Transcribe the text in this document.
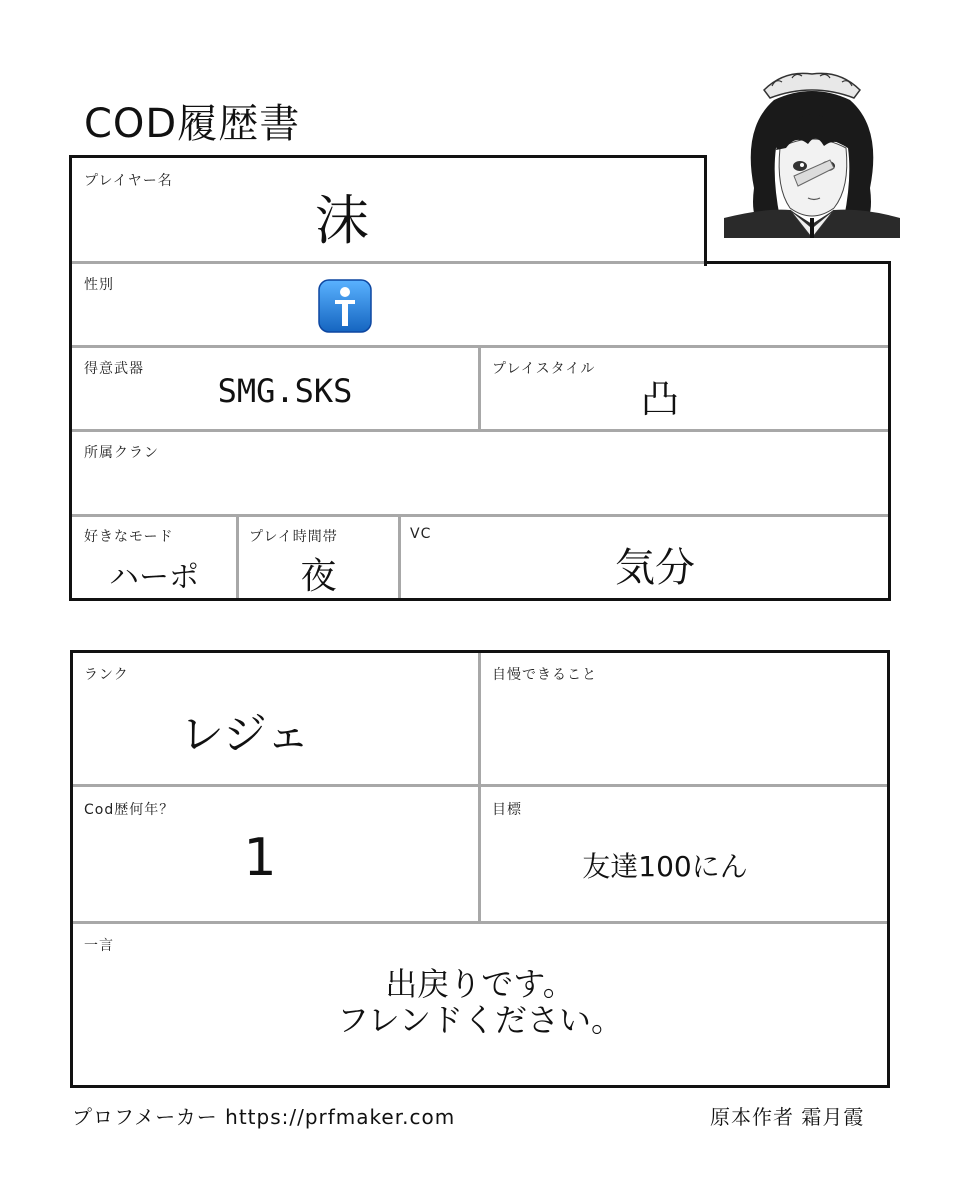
COD履歴書
プレイヤー名
沫
性別
得意武器
SMG.SKS
プレイスタイル
凸
所属クラン
好きなモード
ハーポ
プレイ時間帯
夜
VC
気分
ランク
レジェ
自慢できること
Cod歴何年？
1
目標
友達100にん
一言
出戻りです。
フレンドください。
プロフメーカー https://prfmaker.com	原本作者 霜月霞
